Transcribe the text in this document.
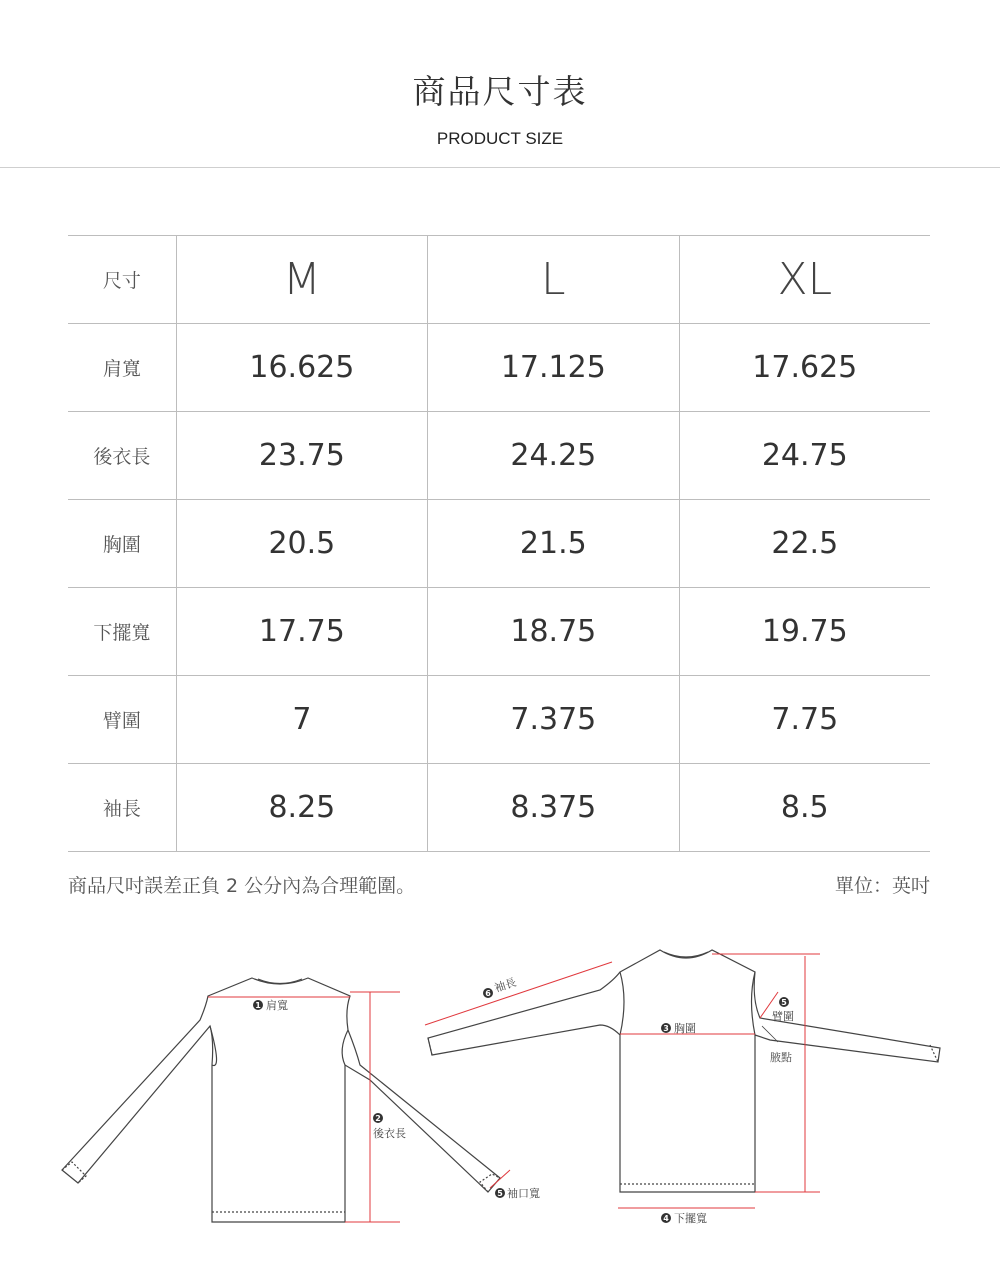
商品尺寸表
PRODUCT SIZE
尺寸	M	L	XL
肩寬	16.625	17.125	17.625
後衣長	23.75	24.25	24.75
胸圍	20.5	21.5	22.5
下擺寬	17.75	18.75	19.75
臂圍	7	7.375	7.75
袖長	8.25	8.375	8.5
商品尺吋誤差正負 2 公分內為合理範圍。	單位：英吋
1 肩寬
2
後衣長
5 袖口寬
6 袖長
3 胸圍
5
臂圍
腋點
4 下擺寬
